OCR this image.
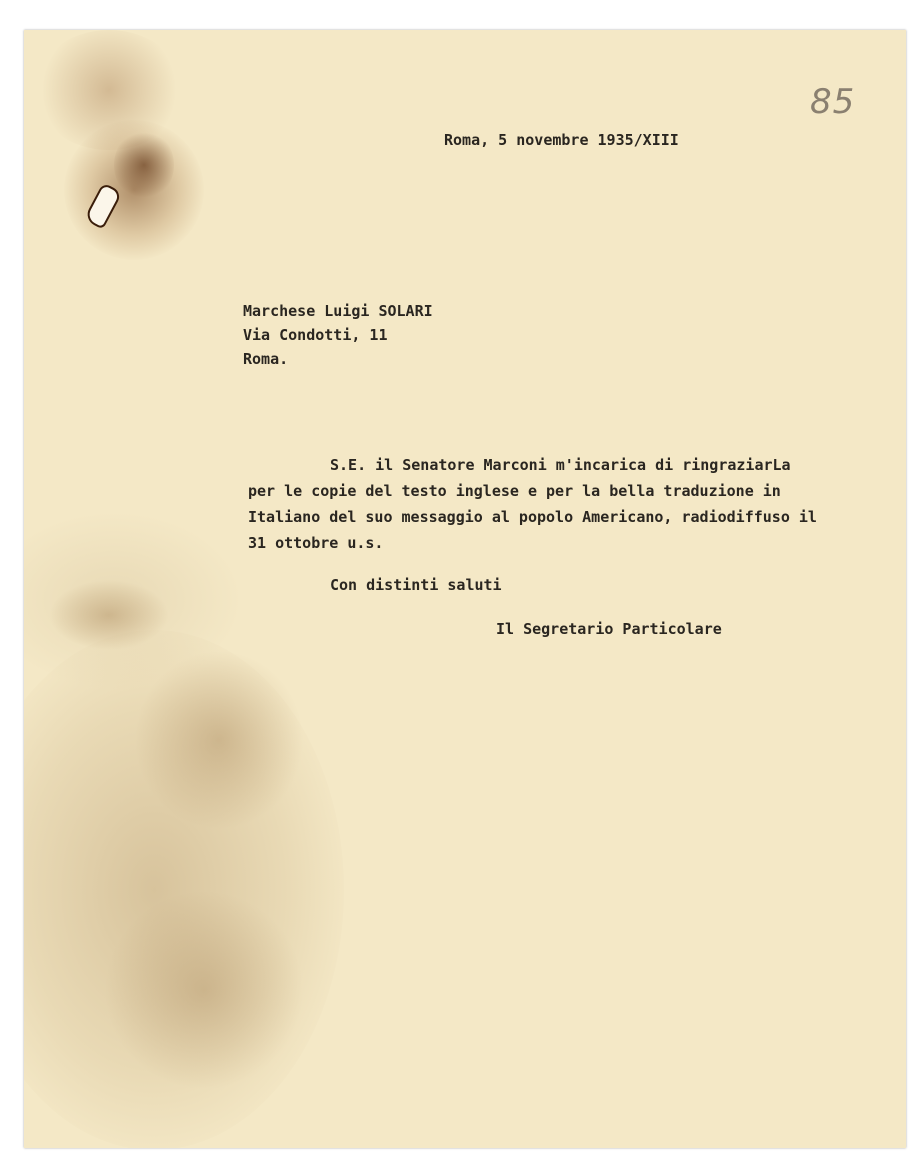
85
Roma, 5 novembre 1935/XIII
Marchese Luigi SOLARI
Via Condotti, 11
Roma.
S.E. il Senatore Marconi m'incarica di ringraziarLa
per le copie del testo inglese e per la bella traduzione in
Italiano del suo messaggio al popolo Americano, radiodiffuso il
31 ottobre u.s.
Con distinti saluti
Il Segretario Particolare
